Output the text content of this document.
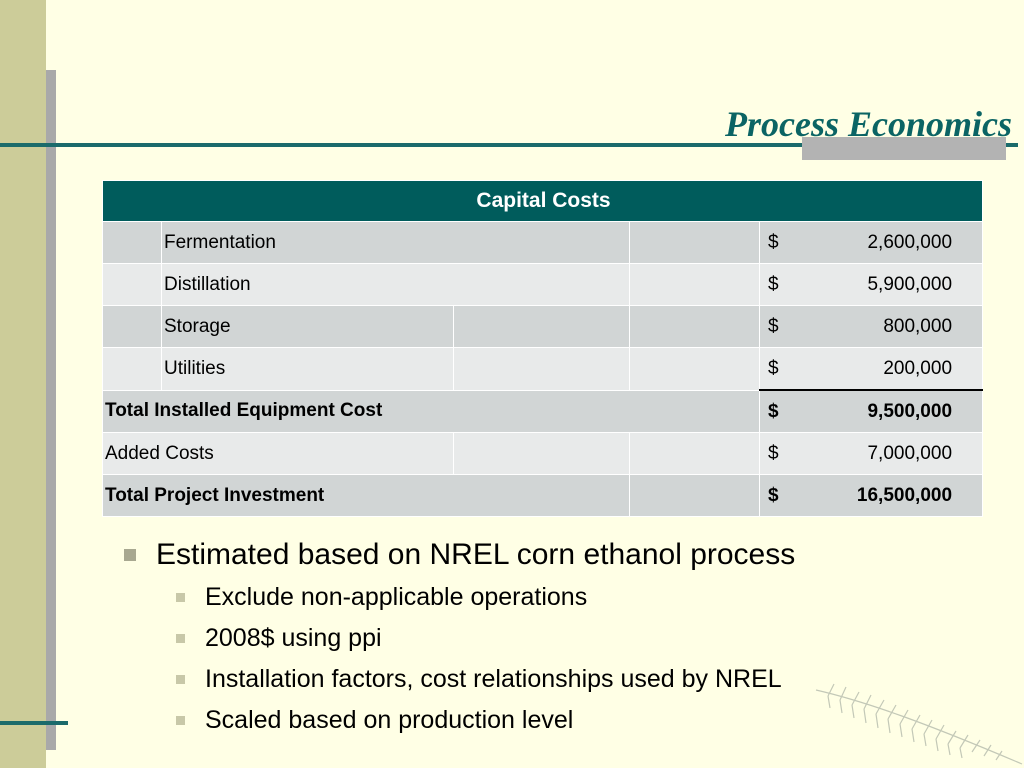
Process Economics
Capital Costs				
	Fermentation			$ 2,600,000

	Distillation			$ 5,900,000

	Storage			$ 800,000

	Utilities			$ 200,000

Total Installed Equipment Cost				$ 9,500,000

Added Costs				$ 7,000,000

Total Project Investment				$ 16,500,000
Estimated based on NREL corn ethanol process
Exclude non-applicable operations
2008$ using ppi
Installation factors, cost relationships used by NREL
Scaled based on production level
